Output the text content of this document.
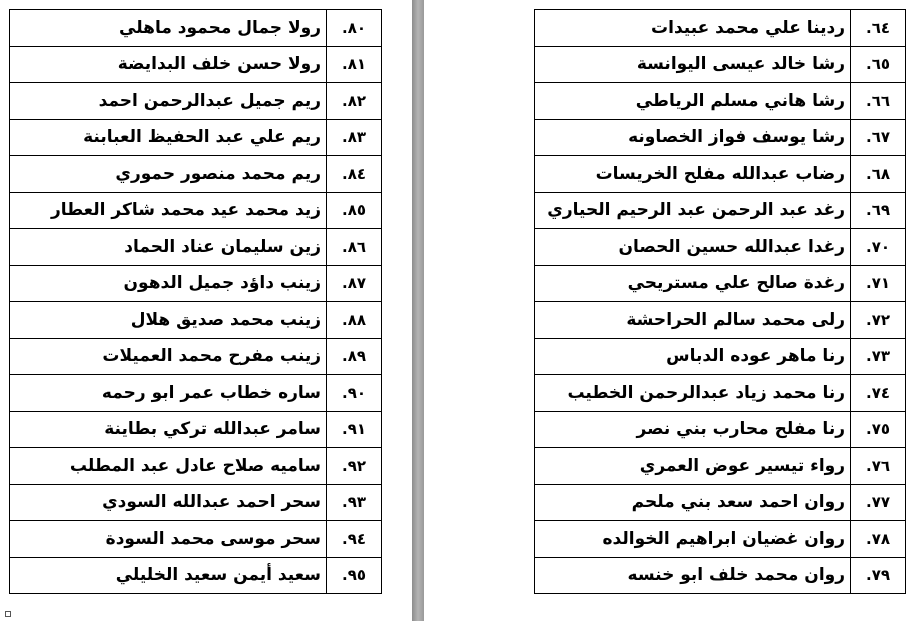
٨٠.	رولا جمال محمود ماهلي
٨١.	رولا حسن خلف البدايضة
٨٢.	ريم جميل عبدالرحمن احمد
٨٣.	ريم علي عبد الحفيظ العبابنة
٨٤.	ريم محمد منصور حموري
٨٥.	زيد محمد عيد محمد شاكر العطار
٨٦.	زين سليمان عناد الحماد
٨٧.	زينب داؤد جميل الدهون
٨٨.	زينب محمد صديق هلال
٨٩.	زينب مفرح محمد العميلات
٩٠.	ساره خطاب عمر ابو رحمه
٩١.	سامر عبدالله تركي بطاينة
٩٢.	ساميه صلاح عادل عبد المطلب
٩٣.	سحر احمد عبدالله السودي
٩٤.	سحر موسى محمد السودة
٩٥.	سعيد أيمن سعيد الخليلي
٦٤.	ردينا علي محمد عبيدات
٦٥.	رشا خالد عيسى اليوانسة
٦٦.	رشا هاني مسلم الرياطي
٦٧.	رشا يوسف فواز الخصاونه
٦٨.	رضاب عبدالله مفلح الخريسات
٦٩.	رغد عبد الرحمن عبد الرحيم الحياري
٧٠.	رغدا عبدالله حسين الحصان
٧١.	رغدة صالح علي مستريحي
٧٢.	رلى محمد سالم الحراحشة
٧٣.	رنا ماهر عوده الدباس
٧٤.	رنا محمد زياد عبدالرحمن الخطيب
٧٥.	رنا مفلح محارب بني نصر
٧٦.	رواء تيسير عوض العمري
٧٧.	روان احمد سعد بني ملحم
٧٨.	روان غضيان ابراهيم الخوالده
٧٩.	روان محمد خلف ابو خنسه
